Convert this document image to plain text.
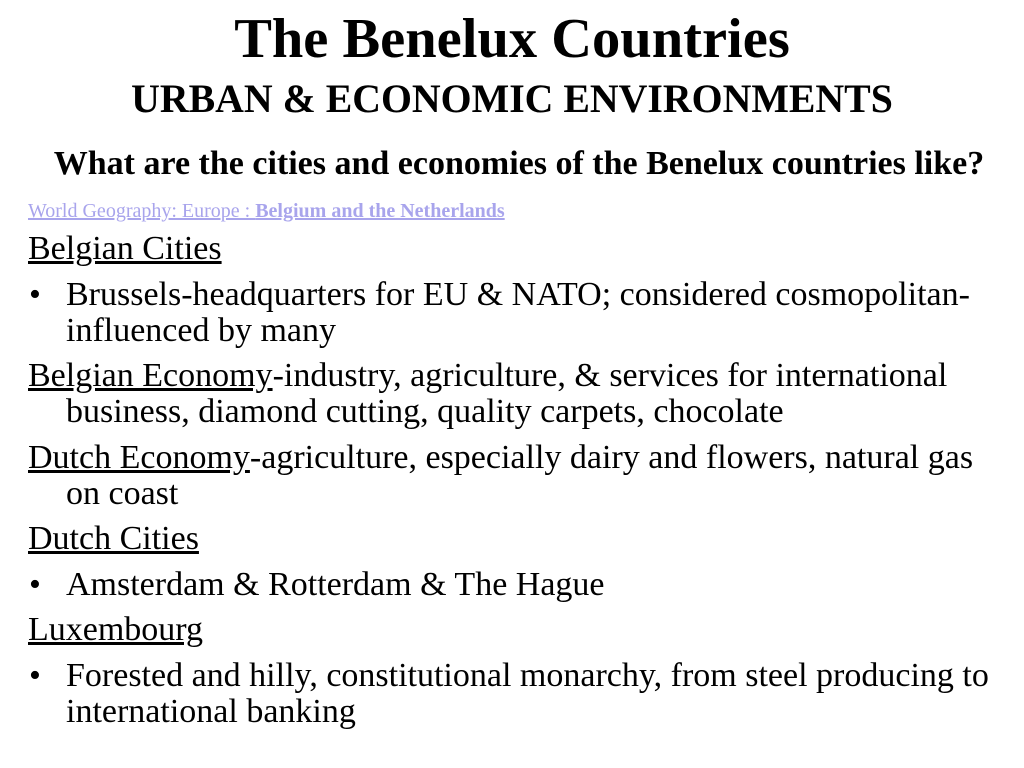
The Benelux Countries
URBAN & ECONOMIC ENVIRONMENTS
What are the cities and economies of the Benelux countries like?
World Geography: Europe : Belgium and the Netherlands

Belgian Cities

•
Brussels-headquarters for EU & NATO; considered cosmopolitan-influenced by many

Belgian Economy-industry, agriculture, & services for international business, diamond cutting, quality carpets, chocolate

Dutch Economy-agriculture, especially dairy and flowers, natural gas on coast

Dutch Cities

•
Amsterdam & Rotterdam & The Hague

Luxembourg

•
Forested and hilly, constitutional monarchy, from steel producing to international banking
